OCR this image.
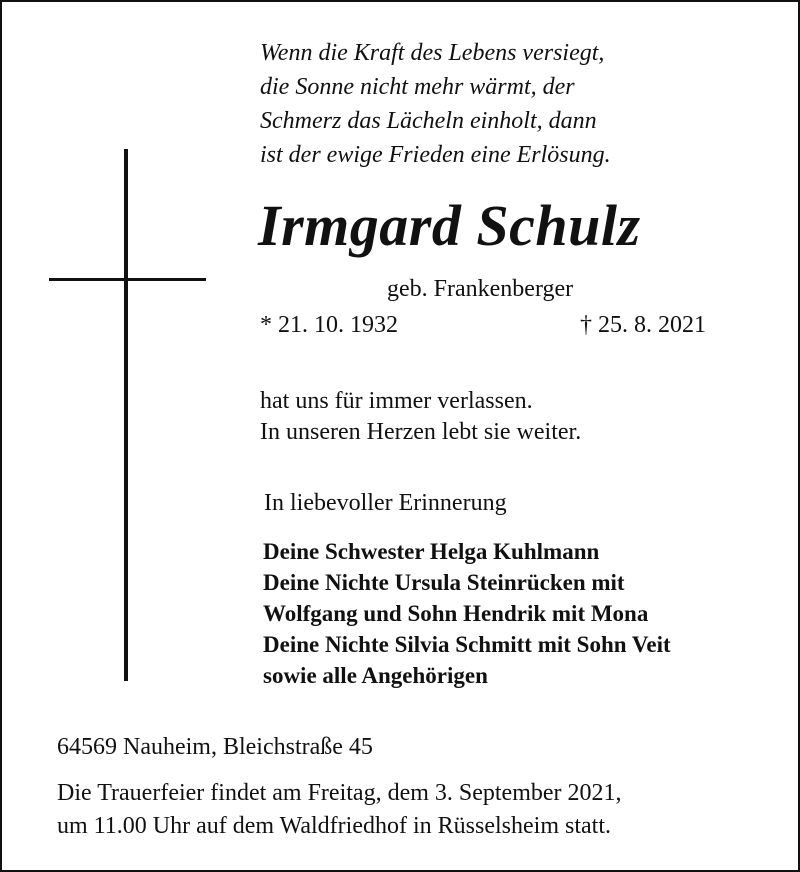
Wenn die Kraft des Lebens versiegt,
die Sonne nicht mehr wärmt, der
Schmerz das Lächeln einholt, dann
ist der ewige Frieden eine Erlösung.
Irmgard Schulz
geb. Frankenberger
* 21. 10. 1932	† 25. 8. 2021
hat uns für immer verlassen.
In unseren Herzen lebt sie weiter.
In liebevoller Erinnerung
Deine Schwester Helga Kuhlmann
Deine Nichte Ursula Steinrücken mit
Wolfgang und Sohn Hendrik mit Mona
Deine Nichte Silvia Schmitt mit Sohn Veit
sowie alle Angehörigen
64569 Nauheim, Bleichstraße 45
Die Trauerfeier findet am Freitag, dem 3. September 2021,
um 11.00 Uhr auf dem Waldfriedhof in Rüsselsheim statt.
